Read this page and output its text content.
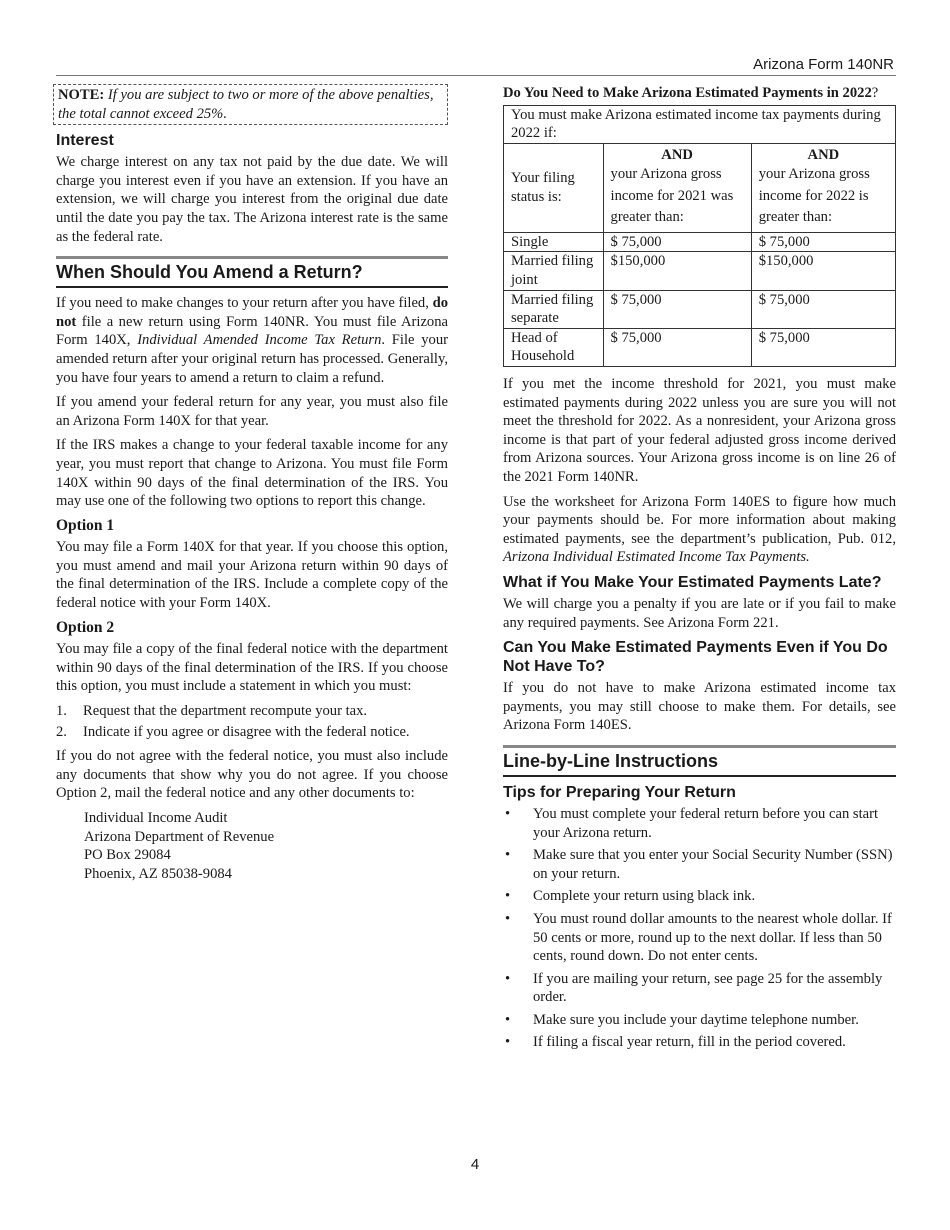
Arizona Form 140NR

NOTE: If you are subject to two or more of the above penalties, the total cannot exceed 25%.

Interest

We charge interest on any tax not paid by the due date. We will charge you interest even if you have an extension. If you have an extension, we will charge you interest from the original due date until the date you pay the tax. The Arizona interest rate is the same as the federal rate.

When Should You Amend a Return?

If you need to make changes to your return after you have filed, do not file a new return using Form 140NR. You must file Arizona Form 140X, Individual Amended Income Tax Return. File your amended return after your original return has processed. Generally, you have four years to amend a return to claim a refund.

If you amend your federal return for any year, you must also file an Arizona Form 140X for that year.

If the IRS makes a change to your federal taxable income for any year, you must report that change to Arizona. You must file Form 140X within 90 days of the final determination of the IRS. You may use one of the following two options to report this change.

Option 1

You may file a Form 140X for that year. If you choose this option, you must amend and mail your Arizona return within 90 days of the final determination of the IRS. Include a complete copy of the federal notice with your Form 140X.

Option 2

You may file a copy of the final federal notice with the department within 90 days of the final determination of the IRS. If you choose this option, you must include a statement in which you must:

1.	Request that the department recompute your tax.
2.	Indicate if you agree or disagree with the federal notice.

If you do not agree with the federal notice, you must also include any documents that show why you do not agree. If you choose Option 2, mail the federal notice and any other documents to:

Individual Income Audit
Arizona Department of Revenue
PO Box 29084
Phoenix, AZ 85038-9084

Do You Need to Make Arizona Estimated Payments in 2022?

You must make Arizona estimated income tax payments during 2022 if:		
Your filing status is:	AND	AND
	your Arizona gross income for 2021 was greater than:	your Arizona gross income for 2022 is greater than:
Single	$ 75,000	$ 75,000
Married filing joint	$150,000	$150,000
Married filing separate	$ 75,000	$ 75,000
Head of Household	$ 75,000	$ 75,000

If you met the income threshold for 2021, you must make estimated payments during 2022 unless you are sure you will not meet the threshold for 2022. As a nonresident, your Arizona gross income is that part of your federal adjusted gross income derived from Arizona sources. Your Arizona gross income is on line 26 of the 2021 Form 140NR.

Use the worksheet for Arizona Form 140ES to figure how much your payments should be. For more information about making estimated payments, see the department’s publication, Pub. 012, Arizona Individual Estimated Income Tax Payments.

What if You Make Your Estimated Payments Late?

We will charge you a penalty if you are late or if you fail to make any required payments. See Arizona Form 221.

Can You Make Estimated Payments Even if You Do Not Have To?

If you do not have to make Arizona estimated income tax payments, you may still choose to make them. For details, see Arizona Form 140ES.

Line-by-Line Instructions
Tips for Preparing Your Return
•	You must complete your federal return before you can start your Arizona return.
•	Make sure that you enter your Social Security Number (SSN) on your return.
•	Complete your return using black ink.
•	You must round dollar amounts to the nearest whole dollar. If 50 cents or more, round up to the next dollar. If less than 50 cents, round down. Do not enter cents.
•	If you are mailing your return, see page 25 for the assembly order.
•	Make sure you include your daytime telephone number.
•	If filing a fiscal year return, fill in the period covered.
4
